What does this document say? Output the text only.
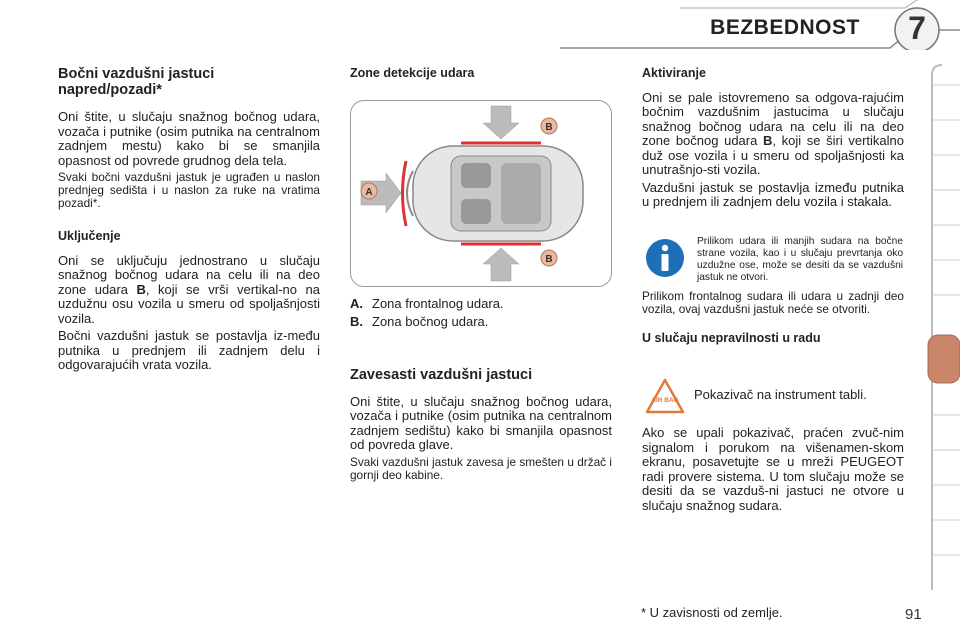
BEZBEDNOST	7
Bočni vazdušni jastuci
napred/pozadi*

Oni štite, u slučaju snažnog bočnog udara, vozača i putnike (osim putnika na centralnom zadnjem mestu) kako bi se smanjila opasnost od povrede grudnog dela tela.

Svaki bočni vazdušni jastuk je ugrađen u naslon prednjeg sedišta i u naslon za ruke na vratima pozadi*.

Uključenje

Oni se uključuju jednostrano u slučaju snažnog bočnog udara na celu ili na deo zone udara B, koji se vrši vertikal-no na uzdužnu osu vozila u smeru od spoljašnjosti vozila.

Bočni vazdušni jastuk se postavlja iz-među putnika u prednjem ili zadnjem delu i odgovarajućih vrata vozila.

Zone detekcije udara
A
B
B
A. Zona frontalnog udara.
B. Zona bočnog udara.
Zavesasti vazdušni jastuci

Oni štite, u slučaju snažnog bočnog udara, vozača i putnike (osim putnika na centralnom zadnjem sedištu) kako bi smanjila opasnost od povreda glave.

Svaki vazdušni jastuk zavesa je smešten u držač i gornji deo kabine.

Aktiviranje

Oni se pale istovremeno sa odgova-rajućim bočnim vazdušnim jastucima u slučaju snažnog bočnog udara na celu ili na deo zone bočnog udara B, koji se širi vertikalno duž ose vozila i u smeru od spoljašnjosti ka unutrašnjo-sti vozila.

Vazdušni jastuk se postavlja između putnika u prednjem ili zadnjem delu vozila i stakala.

Prilikom udara ili manjih sudara na bočne strane vozila, kao i u slučaju prevrtanja oko uzdužne ose, može se desiti da se vazdušni jastuk ne otvori.

Prilikom frontalnog sudara ili udara u zadnji deo vozila, ovaj vazdušni jastuk neće se otvoriti.

U slučaju nepravilnosti u radu
AIR BAG Pokazivač na instrument tabli.

Ako se upali pokazivač, praćen zvuč-nim signalom i porukom na višenamen-skom ekranu, posavetujte se u mreži PEUGEOT radi provere sistema. U tom slučaju može se desiti da se vazduš-ni jastuci ne otvore u slučaju snažnog sudara.

* U zavisnosti od zemlje.	91
